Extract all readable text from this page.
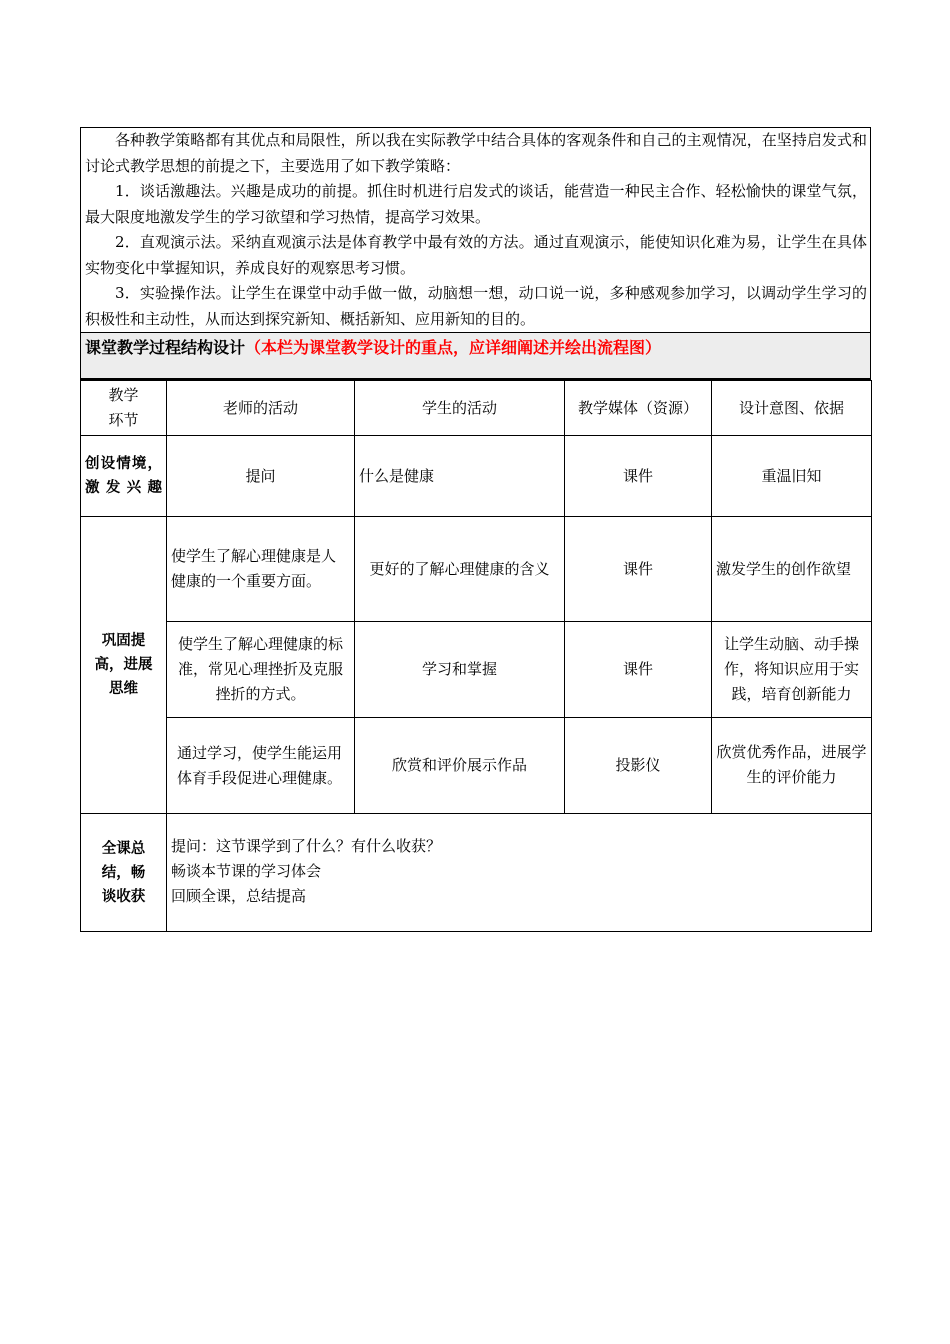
各种教学策略都有其优点和局限性，所以我在实际教学中结合具体的客观条件和自己的主观情况，在坚持启发式和讨论式教学思想的前提之下，主要选用了如下教学策略：

1．谈话激趣法。兴趣是成功的前提。抓住时机进行启发式的谈话，能营造一种民主合作、轻松愉快的课堂气氛，最大限度地激发学生的学习欲望和学习热情，提高学习效果。

2．直观演示法。采纳直观演示法是体育教学中最有效的方法。通过直观演示，能使知识化难为易，让学生在具体实物变化中掌握知识，养成良好的观察思考习惯。

3．实验操作法。让学生在课堂中动手做一做，动脑想一想，动口说一说，多种感观参加学习，以调动学生学习的积极性和主动性，从而达到探究新知、概括新知、应用新知的目的。

课堂教学过程结构设计 （本栏为课堂教学设计的重点，应详细阐述并绘出流程图）
教学环节	老师的活动	学生的活动	教学媒体（资源）	设计意图、依据
创设情境，激发兴趣	提问	什么是健康	课件	重温旧知
巩固提高，进展思维	使学生了解心理健康是人健康的一个重要方面。	更好的了解心理健康的含义	课件	激发学生的创作欲望
	使学生了解心理健康的标准，常见心理挫折及克服挫折的方式。	学习和掌握	课件	让学生动脑、动手操作，将知识应用于实践，培育创新能力
	通过学习，使学生能运用体育手段促进心理健康。	欣赏和评价展示作品	投影仪	欣赏优秀作品，进展学生的评价能力
全课总结，畅谈收获	提问：这节课学到了什么？有什么收获？
畅谈本节课的学习体会
回顾全课，总结提高			
